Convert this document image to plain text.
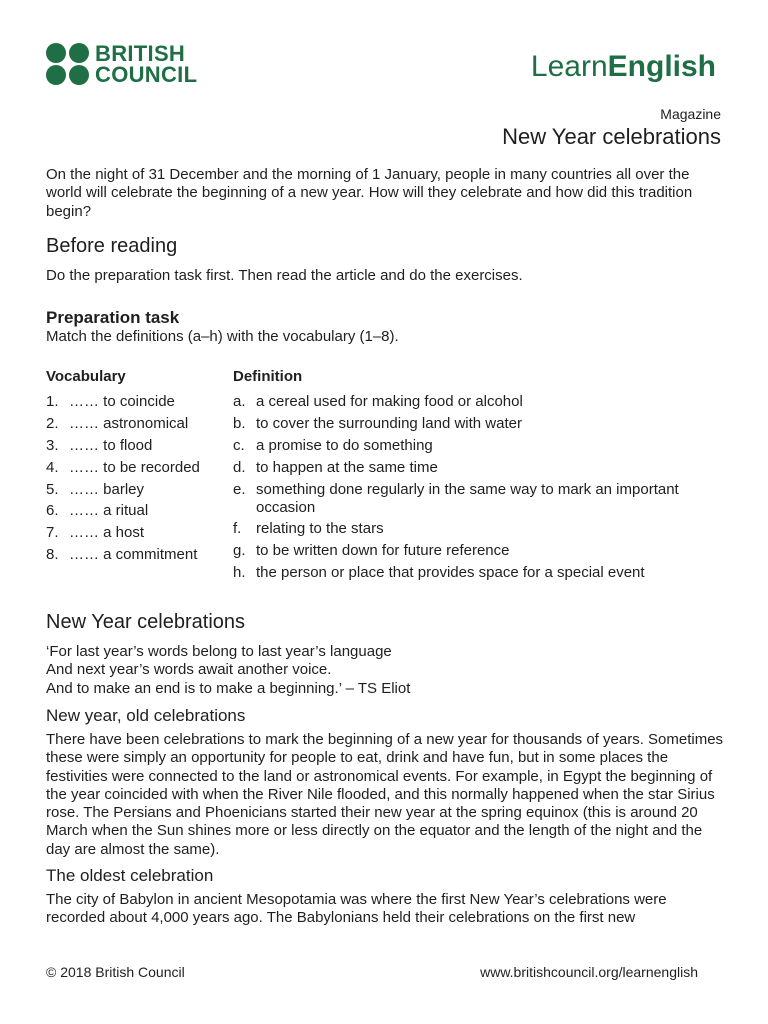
BRITISH
COUNCIL	LearnEnglish
Magazine
New Year celebrations
On the night of 31 December and the morning of 1 January, people in many countries all over the world will celebrate the beginning of a new year. How will they celebrate and how did this tradition begin?
Before reading
Do the preparation task first. Then read the article and do the exercises.
Preparation task
Match the definitions (a–h) with the vocabulary (1–8).
Vocabulary	Definition
1. …… to coincide
2. …… astronomical
3. …… to flood
4. …… to be recorded
5. …… barley
6. …… a ritual
7. …… a host
8. …… a commitment
a. a cereal used for making food or alcohol
b. to cover the surrounding land with water
c. a promise to do something
d. to happen at the same time
e. something done regularly in the same way to mark an important occasion
f. relating to the stars
g. to be written down for future reference
h. the person or place that provides space for a special event
New Year celebrations
‘For last year’s words belong to last year’s language
And next year’s words await another voice.
And to make an end is to make a beginning.’ – TS Eliot
New year, old celebrations
There have been celebrations to mark the beginning of a new year for thousands of years. Sometimes these were simply an opportunity for people to eat, drink and have fun, but in some places the festivities were connected to the land or astronomical events. For example, in Egypt the beginning of the year coincided with when the River Nile flooded, and this normally happened when the star Sirius rose. The Persians and Phoenicians started their new year at the spring equinox (this is around 20 March when the Sun shines more or less directly on the equator and the length of the night and the day are almost the same).
The oldest celebration
The city of Babylon in ancient Mesopotamia was where the first New Year’s celebrations were recorded about 4,000 years ago. The Babylonians held their celebrations on the first new
© 2018 British Council	www.britishcouncil.org/learnenglish
